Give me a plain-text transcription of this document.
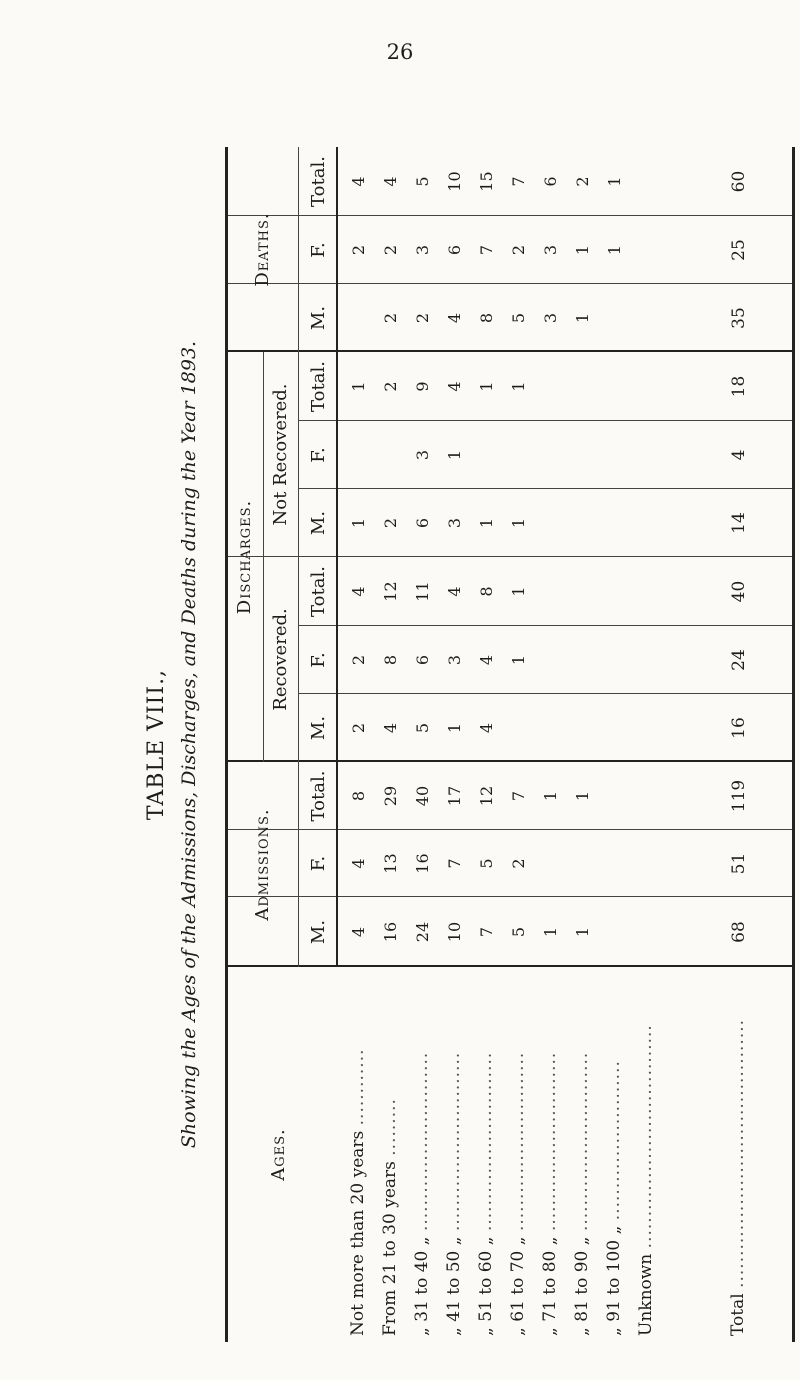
26
TABLE VIII., Showing the Ages of the Admissions, Discharges, and Deaths during the Year 1893.
Ages.
Admissions.
Discharges.
Recovered.
Not Recovered.
Deaths.
M.
F.
Total.
M.
F.
Total.
M.
F.
Total.
M.
F.
Total.
Not more than 20 years ............
From 21 to 30 years .........
„ 31 to 40 „ ............................
„ 41 to 50 „ ............................
„ 51 to 60 „ ............................
„ 61 to 70 „ ............................
„ 71 to 80 „ ............................
„ 81 to 90 „ ............................
„ 91 to 100 „ .........................
Unknown ...................................
Total ..........................................
4
4
8
2
2
4
1
1
2
4
16
13
29
4
8
12
2
2
2
2
4
24
16
40
5
6
11
6
3
9
2
3
5
10
7
17
1
3
4
3
1
4
4
6
10
7
5
12
4
4
8
1
1
8
7
15
5
2
7
1
1
1
1
5
2
7
1
1
3
3
6
1
1
1
1
2
1
1
68
51
119
16
24
40
14
4
18
35
25
60
